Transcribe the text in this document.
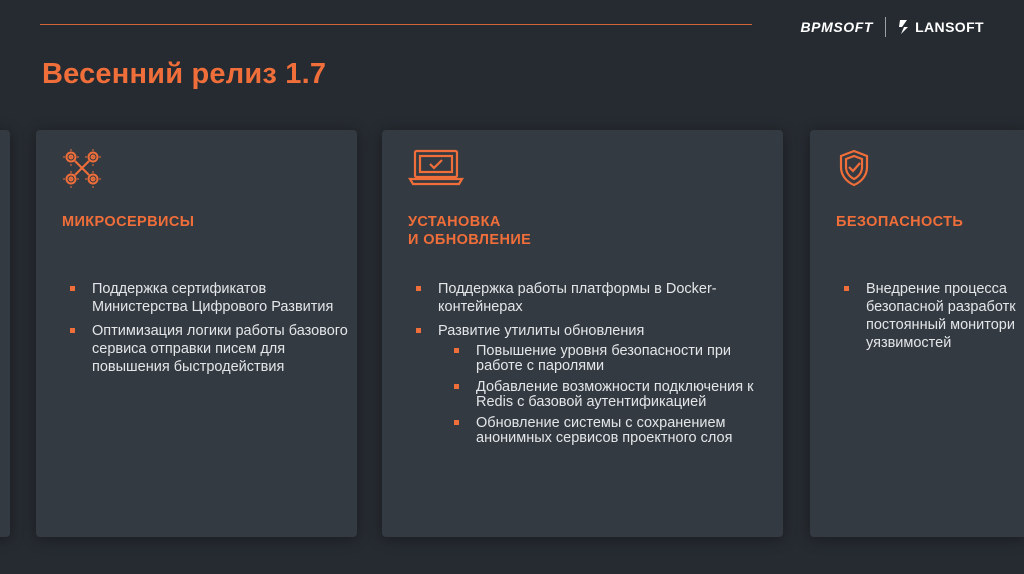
BPMSOFT	LANSOFT
Весенний релиз 1.7
МИКРОСЕРВИСЫ
Поддержка сертификатов Министерства Цифрового Развития
Оптимизация логики работы базового сервиса отправки писем для повышения быстродействия
УСТАНОВКА
И ОБНОВЛЕНИЕ
Поддержка работы платформы в Docker-контейнерах
Развитие утилиты обновления
Повышение уровня безопасности при работе с паролями
Добавление возможности подключения к Redis с базовой аутентификацией
Обновление системы с сохранением анонимных сервисов проектного слоя
БЕЗОПАСНОСТЬ
Внедрение процесса безопасной разработк постоянный монитори уязвимостей
